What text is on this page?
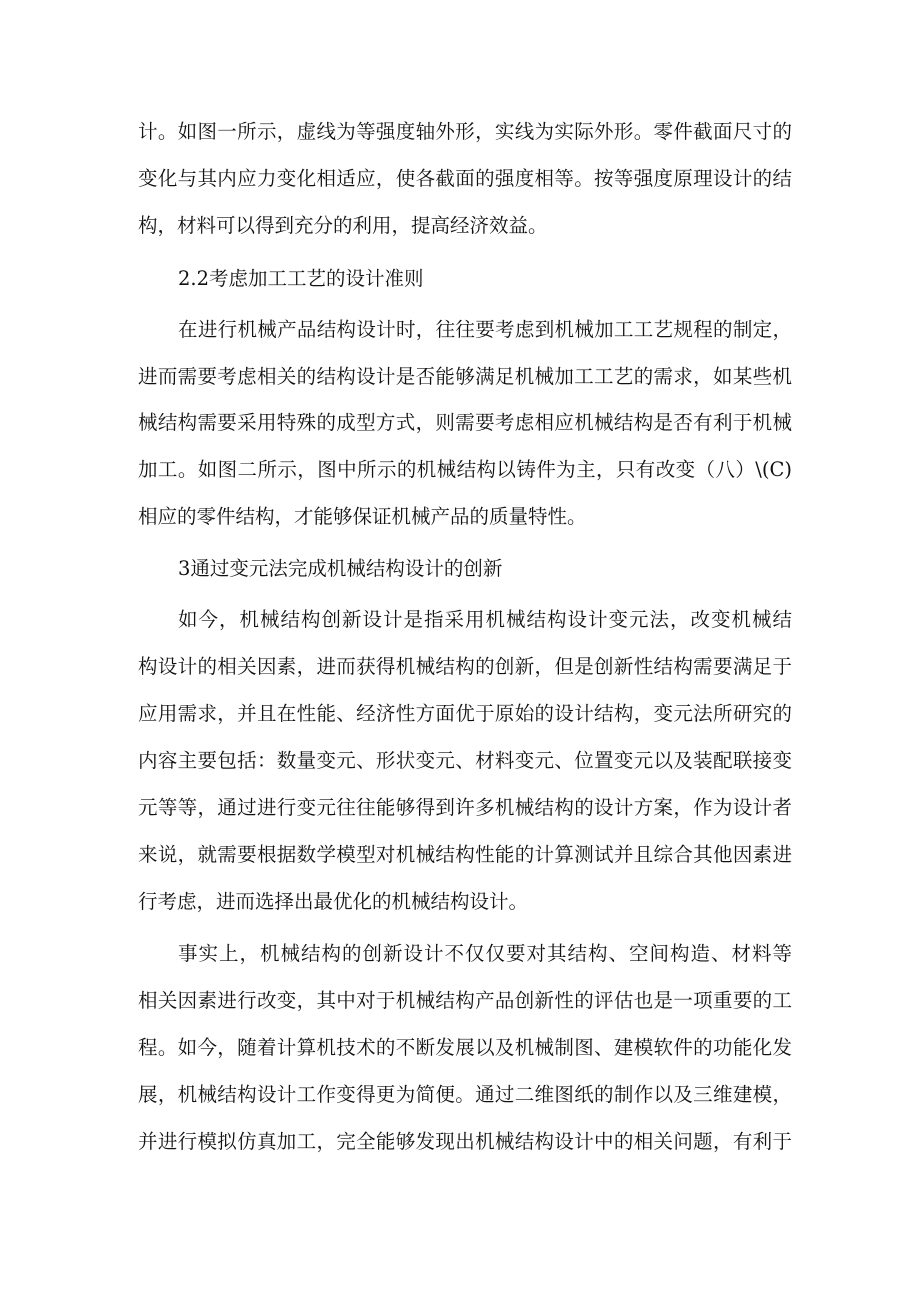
计。如图一所示，虚线为等强度轴外形，实线为实际外形。零件截面尺寸的
变化与其内应力变化相适应，使各截面的强度相等。按等强度原理设计的结
构，材料可以得到充分的利用，提高经济效益。
2.2考虑加工工艺的设计准则
在进行机械产品结构设计时，往往要考虑到机械加工工艺规程的制定，
进而需要考虑相关的结构设计是否能够满足机械加工工艺的需求，如某些机
械结构需要采用特殊的成型方式，则需要考虑相应机械结构是否有利于机械
加工。如图二所示，图中所示的机械结构以铸件为主，只有改变（八）\(C)
相应的零件结构，才能够保证机械产品的质量特性。
3通过变元法完成机械结构设计的创新
如今，机械结构创新设计是指采用机械结构设计变元法，改变机械结
构设计的相关因素，进而获得机械结构的创新，但是创新性结构需要满足于
应用需求，并且在性能、经济性方面优于原始的设计结构，变元法所研究的
内容主要包括：数量变元、形状变元、材料变元、位置变元以及装配联接变
元等等，通过进行变元往往能够得到许多机械结构的设计方案，作为设计者
来说，就需要根据数学模型对机械结构性能的计算测试并且综合其他因素进
行考虑，进而选择出最优化的机械结构设计。
事实上，机械结构的创新设计不仅仅要对其结构、空间构造、材料等
相关因素进行改变，其中对于机械结构产品创新性的评估也是一项重要的工
程。如今，随着计算机技术的不断发展以及机械制图、建模软件的功能化发
展，机械结构设计工作变得更为简便。通过二维图纸的制作以及三维建模，
并进行模拟仿真加工，完全能够发现出机械结构设计中的相关问题，有利于
